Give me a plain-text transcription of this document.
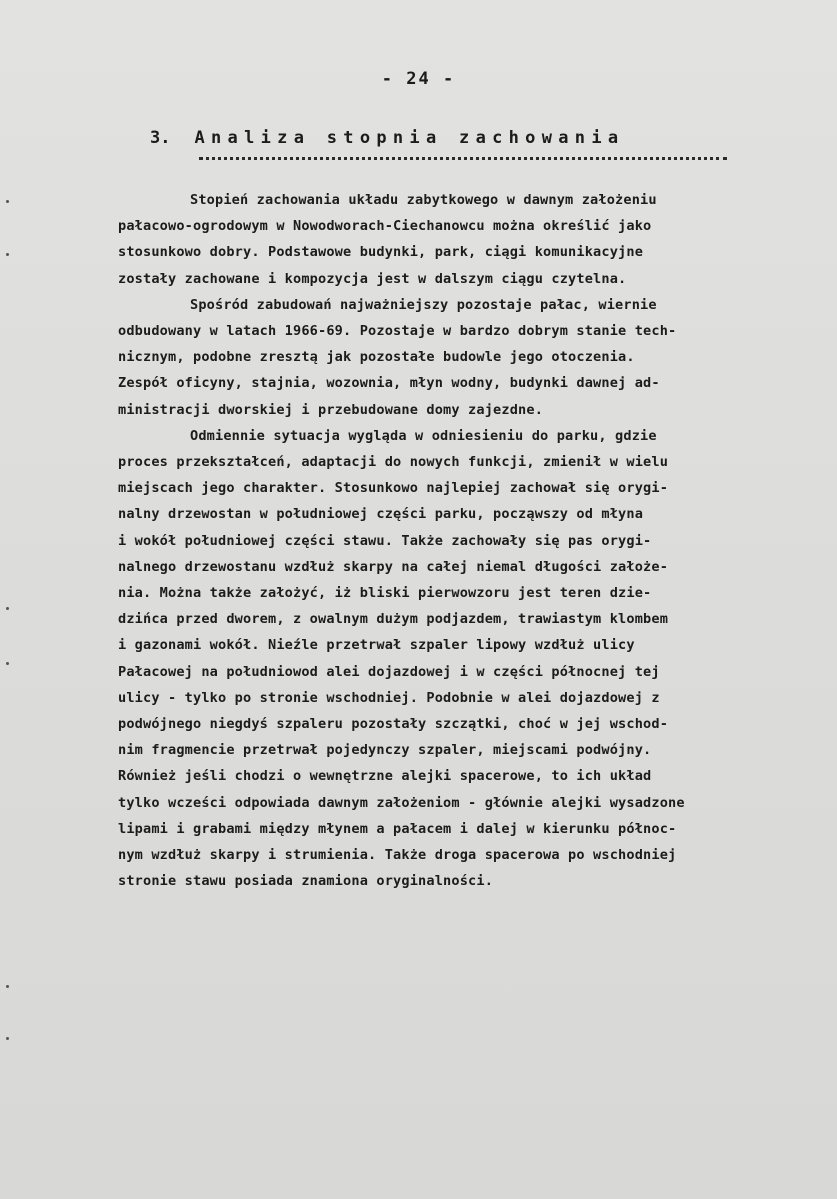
- 24 -
3. Analiza stopnia zachowania

Stopień zachowania układu zabytkowego w dawnym założeniu
pałacowo-ogrodowym w Nowodworach-Ciechanowcu można określić jako
stosunkowo dobry. Podstawowe budynki, park, ciągi komunikacyjne
zostały zachowane i kompozycja jest w dalszym ciągu czytelna.

Spośród zabudowań najważniejszy pozostaje pałac, wiernie
odbudowany w latach 1966-69. Pozostaje w bardzo dobrym stanie tech-
nicznym, podobne zresztą jak pozostałe budowle jego otoczenia.
Zespół oficyny, stajnia, wozownia, młyn wodny, budynki dawnej ad-
ministracji dworskiej i przebudowane domy zajezdne.

Odmiennie sytuacja wygląda w odniesieniu do parku, gdzie
proces przekształceń, adaptacji do nowych funkcji, zmienił w wielu
miejscach jego charakter. Stosunkowo najlepiej zachował się orygi-
nalny drzewostan w południowej części parku, począwszy od młyna
i wokół południowej części stawu. Także zachowały się pas orygi-
nalnego drzewostanu wzdłuż skarpy na całej niemal długości założe-
nia. Można także założyć, iż bliski pierwowzoru jest teren dzie-
dzińca przed dworem, z owalnym dużym podjazdem, trawiastym klombem
i gazonami wokół. Nieźle przetrwał szpaler lipowy wzdłuż ulicy
Pałacowej na południowod alei dojazdowej i w części północnej tej
ulicy - tylko po stronie wschodniej. Podobnie w alei dojazdowej z
podwójnego niegdyś szpaleru pozostały szczątki, choć w jej wschod-
nim fragmencie przetrwał pojedynczy szpaler, miejscami podwójny.
Również jeśli chodzi o wewnętrzne alejki spacerowe, to ich układ
tylko wcześci odpowiada dawnym założeniom - głównie alejki wysadzone
lipami i grabami między młynem a pałacem i dalej w kierunku północ-
nym wzdłuż skarpy i strumienia. Także droga spacerowa po wschodniej
stronie stawu posiada znamiona oryginalności.
